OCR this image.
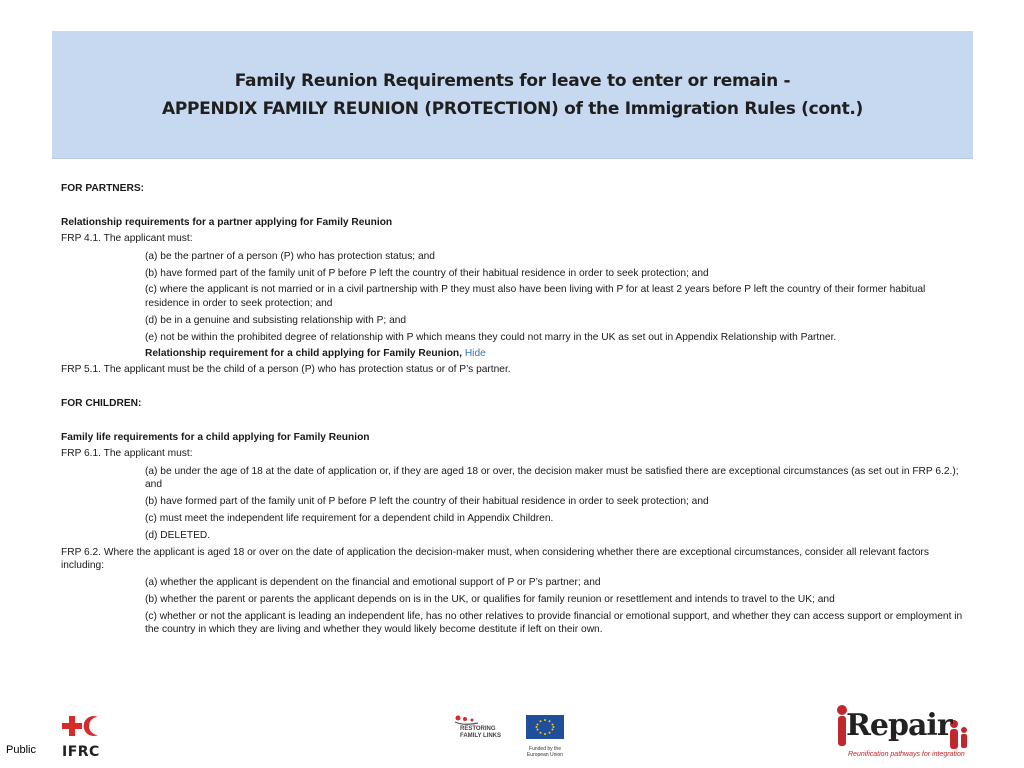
Family Reunion Requirements for leave to enter or remain -
APPENDIX FAMILY REUNION (PROTECTION) of the Immigration Rules (cont.)

FOR PARTNERS:

Relationship requirements for a partner applying for Family Reunion

FRP 4.1. The applicant must:

(a) be the partner of a person (P) who has protection status; and

(b) have formed part of the family unit of P before P left the country of their habitual residence in order to seek protection; and

(c) where the applicant is not married or in a civil partnership with P they must also have been living with P for at least 2 years before P left the country of their former habitual residence in order to seek protection; and

(d) be in a genuine and subsisting relationship with P; and

(e) not be within the prohibited degree of relationship with P which means they could not marry in the UK as set out in Appendix Relationship with Partner.

Relationship requirement for a child applying for Family Reunion, Hide

FRP 5.1. The applicant must be the child of a person (P) who has protection status or of P’s partner.

FOR CHILDREN:

Family life requirements for a child applying for Family Reunion

FRP 6.1. The applicant must:

(a) be under the age of 18 at the date of application or, if they are aged 18 or over, the decision maker must be satisfied there are exceptional circumstances (as set out in FRP 6.2.); and

(b) have formed part of the family unit of P before P left the country of their habitual residence in order to seek protection; and

(c) must meet the independent life requirement for a dependent child in Appendix Children.

(d) DELETED.

FRP 6.2. Where the applicant is aged 18 or over on the date of application the decision-maker must, when considering whether there are exceptional circumstances, consider all relevant factors including:

(a) whether the applicant is dependent on the financial and emotional support of P or P’s partner; and

(b) whether the parent or parents the applicant depends on is in the UK, or qualifies for family reunion or resettlement and intends to travel to the UK; and

(c) whether or not the applicant is leading an independent life, has no other relatives to provide financial or emotional support, and whether they can access support or employment in the country in which they are living and whether they would likely become destitute if left on their own.

Public IFRC
RESTORING FAMILY LINKS
Funded by the European Union
Repair
Reunification pathways for integration
